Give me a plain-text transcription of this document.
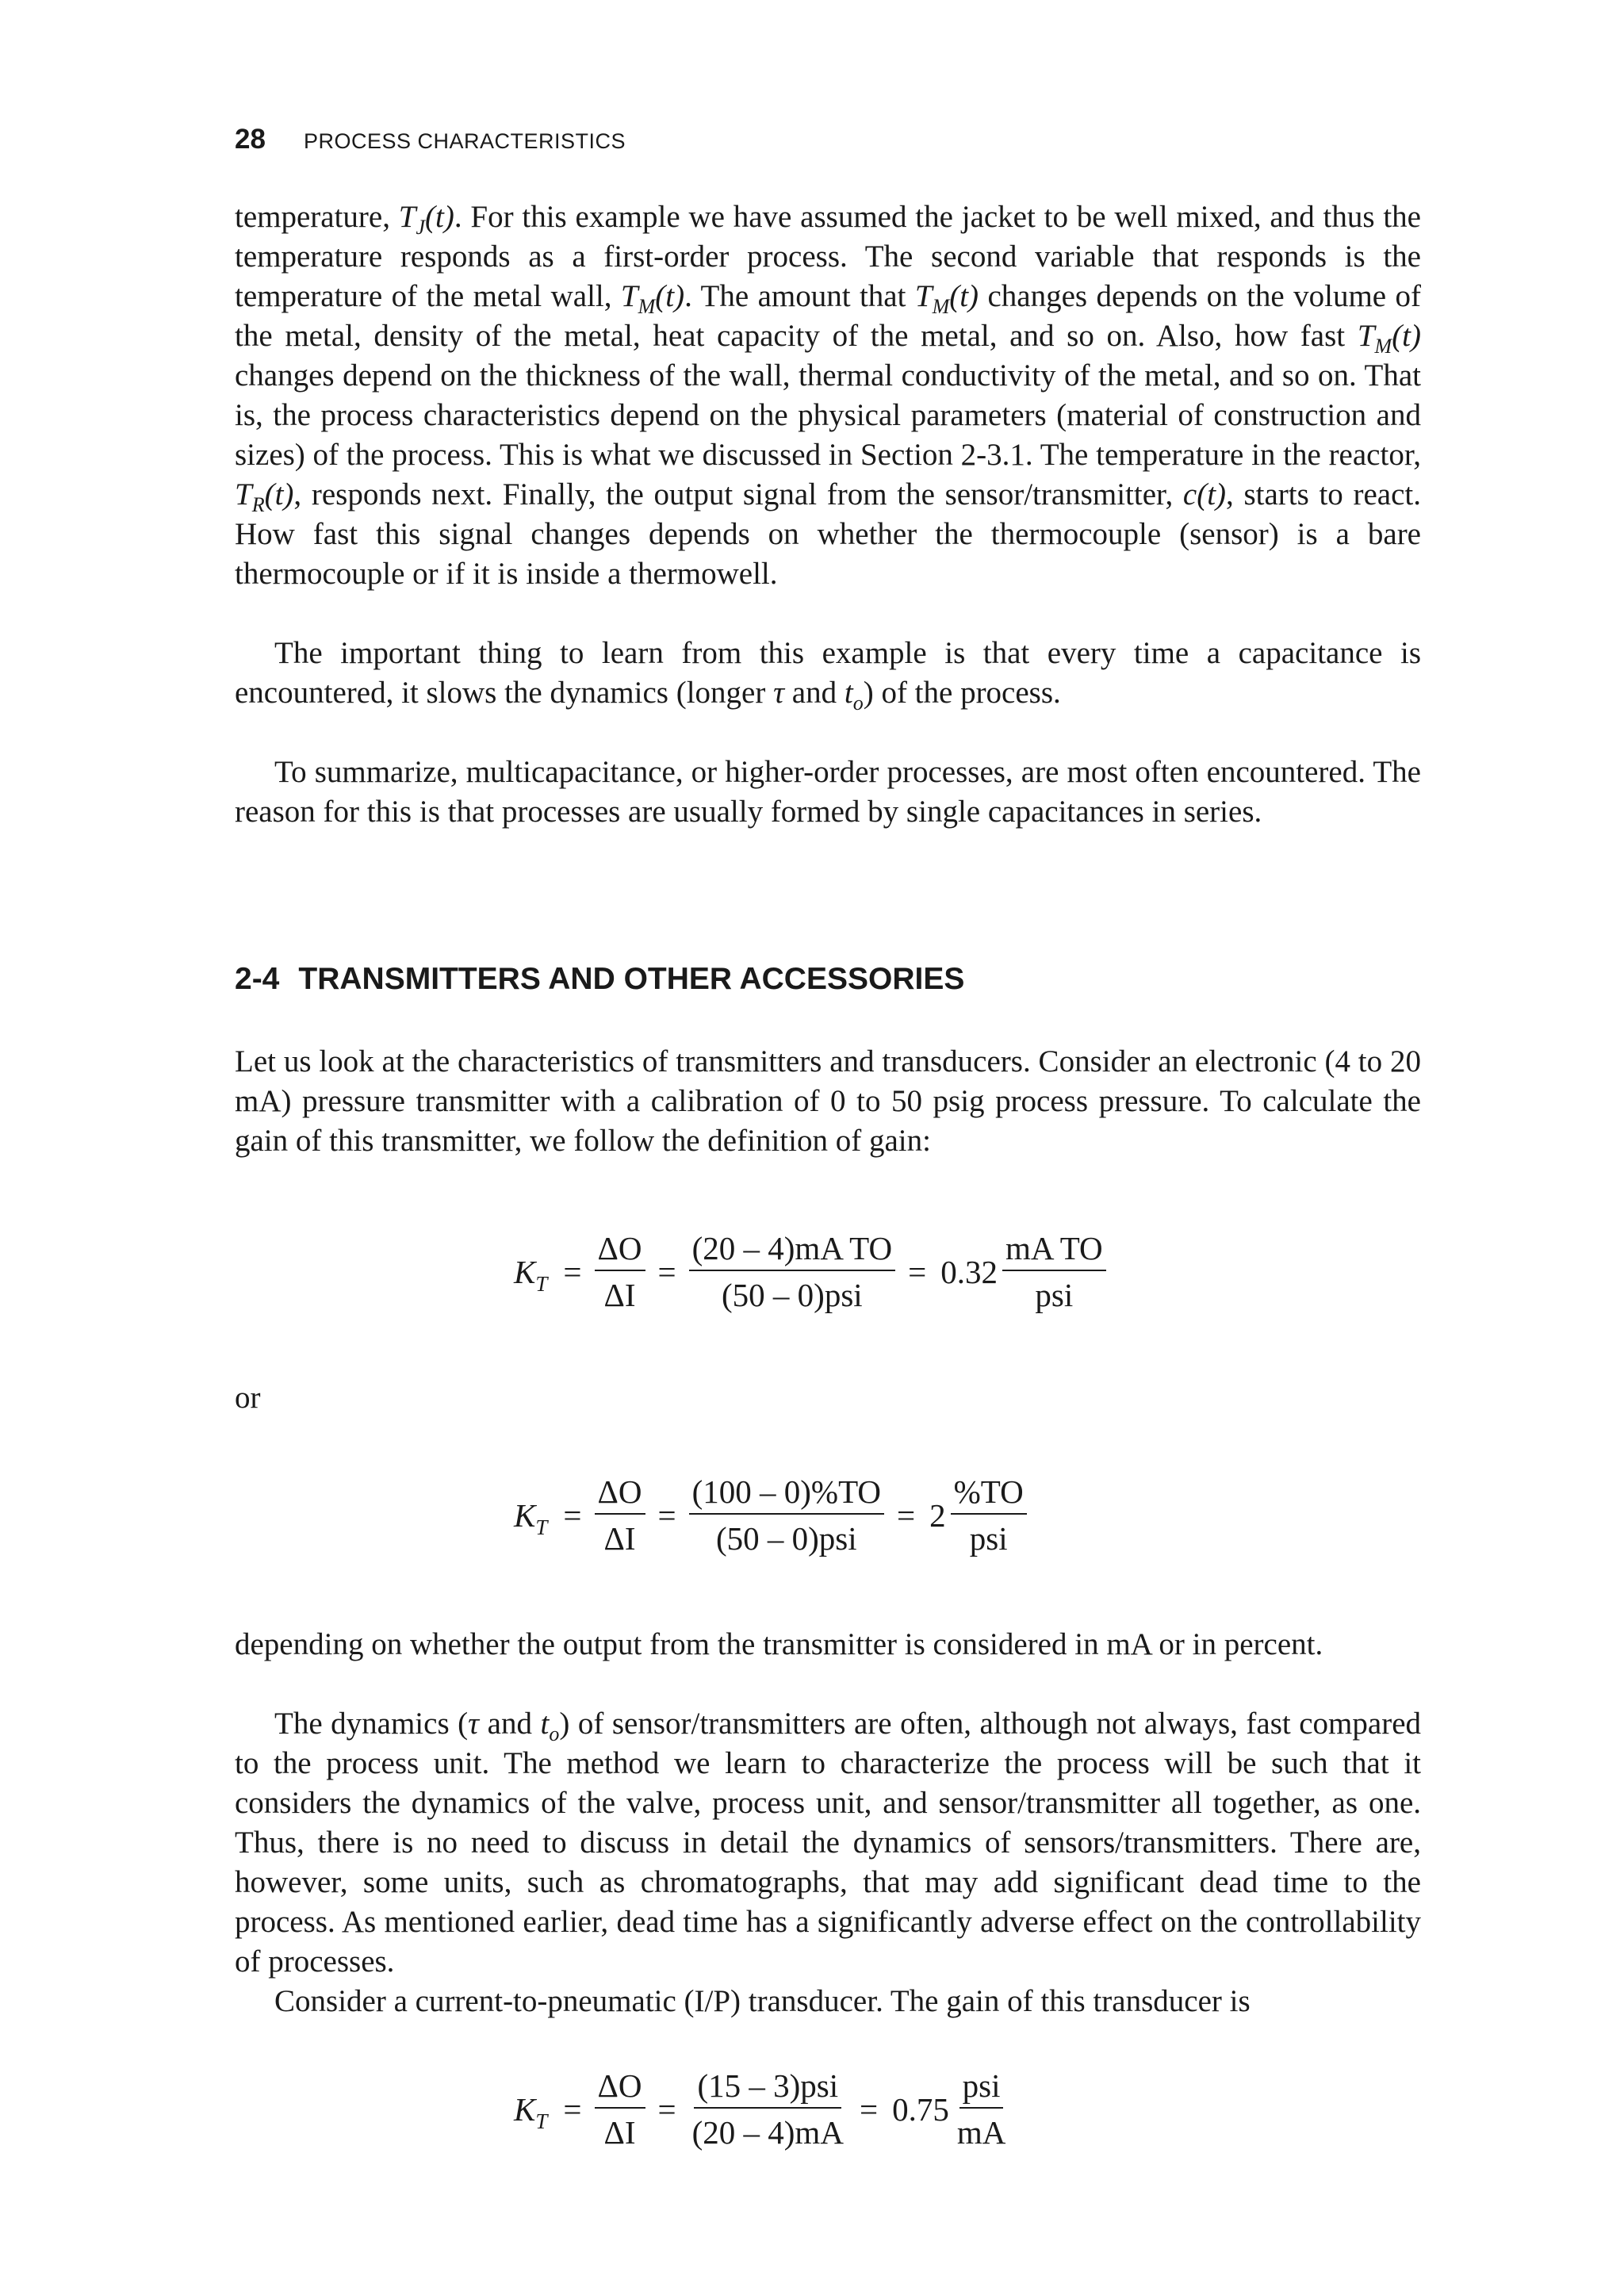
28 PROCESS CHARACTERISTICS

temperature, $T_J(t)$. For this example we have assumed the jacket to be well mixed, and thus the temperature responds as a first-order process. The second variable that responds is the temperature of the metal wall, $T_M(t)$. The amount that $T_M(t)$ changes depends on the volume of the metal, density of the metal, heat capacity of the metal, and so on. Also, how fast $T_M(t)$ changes depend on the thickness of the wall, thermal conductivity of the metal, and so on. That is, the process characteristics depend on the physical parameters (material of construction and sizes) of the process. This is what we discussed in Section 2-3.1. The temperature in the reactor, $T_R(t)$, responds next. Finally, the output signal from the sensor/transmitter, c(t), starts to react. How fast this signal changes depends on whether the thermocouple (sensor) is a bare thermocouple or if it is inside a thermowell.

The important thing to learn from this example is that every time a capacitance is encountered, it slows the dynamics (longer τ and $t_o$) of the process.

To summarize, multicapacitance, or higher-order processes, are most often encountered. The reason for this is that processes are usually formed by single capacitances in series.

2-4 TRANSMITTERS AND OTHER ACCESSORIES

Let us look at the characteristics of transmitters and transducers. Consider an electronic (4 to 20 mA) pressure transmitter with a calibration of 0 to 50 psig process pressure. To calculate the gain of this transmitter, we follow the definition of gain:

$K_T = \frac{\Delta O}{\Delta I} = \frac{\text{(20 – 4)mA TO}}{\text{(50 – 0)psi}} = 0.32 \frac{\text{mA TO}}{\text{psi}}$

or

$K_T = \frac{\Delta O}{\Delta I} = \frac{(100 - 0)\%TO}{\text{(50 – 0)psi}} = 2 \frac{\%TO}{\text{psi}}$

depending on whether the output from the transmitter is considered in mA or in percent.

The dynamics (τ and $t_o$) of sensor/transmitters are often, although not always, fast compared to the process unit. The method we learn to characterize the process will be such that it considers the dynamics of the valve, process unit, and sensor/transmitter all together, as one. Thus, there is no need to discuss in detail the dynamics of sensors/transmitters. There are, however, some units, such as chromatographs, that may add significant dead time to the process. As mentioned earlier, dead time has a significantly adverse effect on the controllability of processes.

Consider a current-to-pneumatic (I/P) transducer. The gain of this transducer is

$K_T = \frac{\Delta O}{\Delta I} = \frac{\text{(15 – 3)psi}}{(20 - 4)mA} = 0.75 \frac{\text{psi}}{mA}$
